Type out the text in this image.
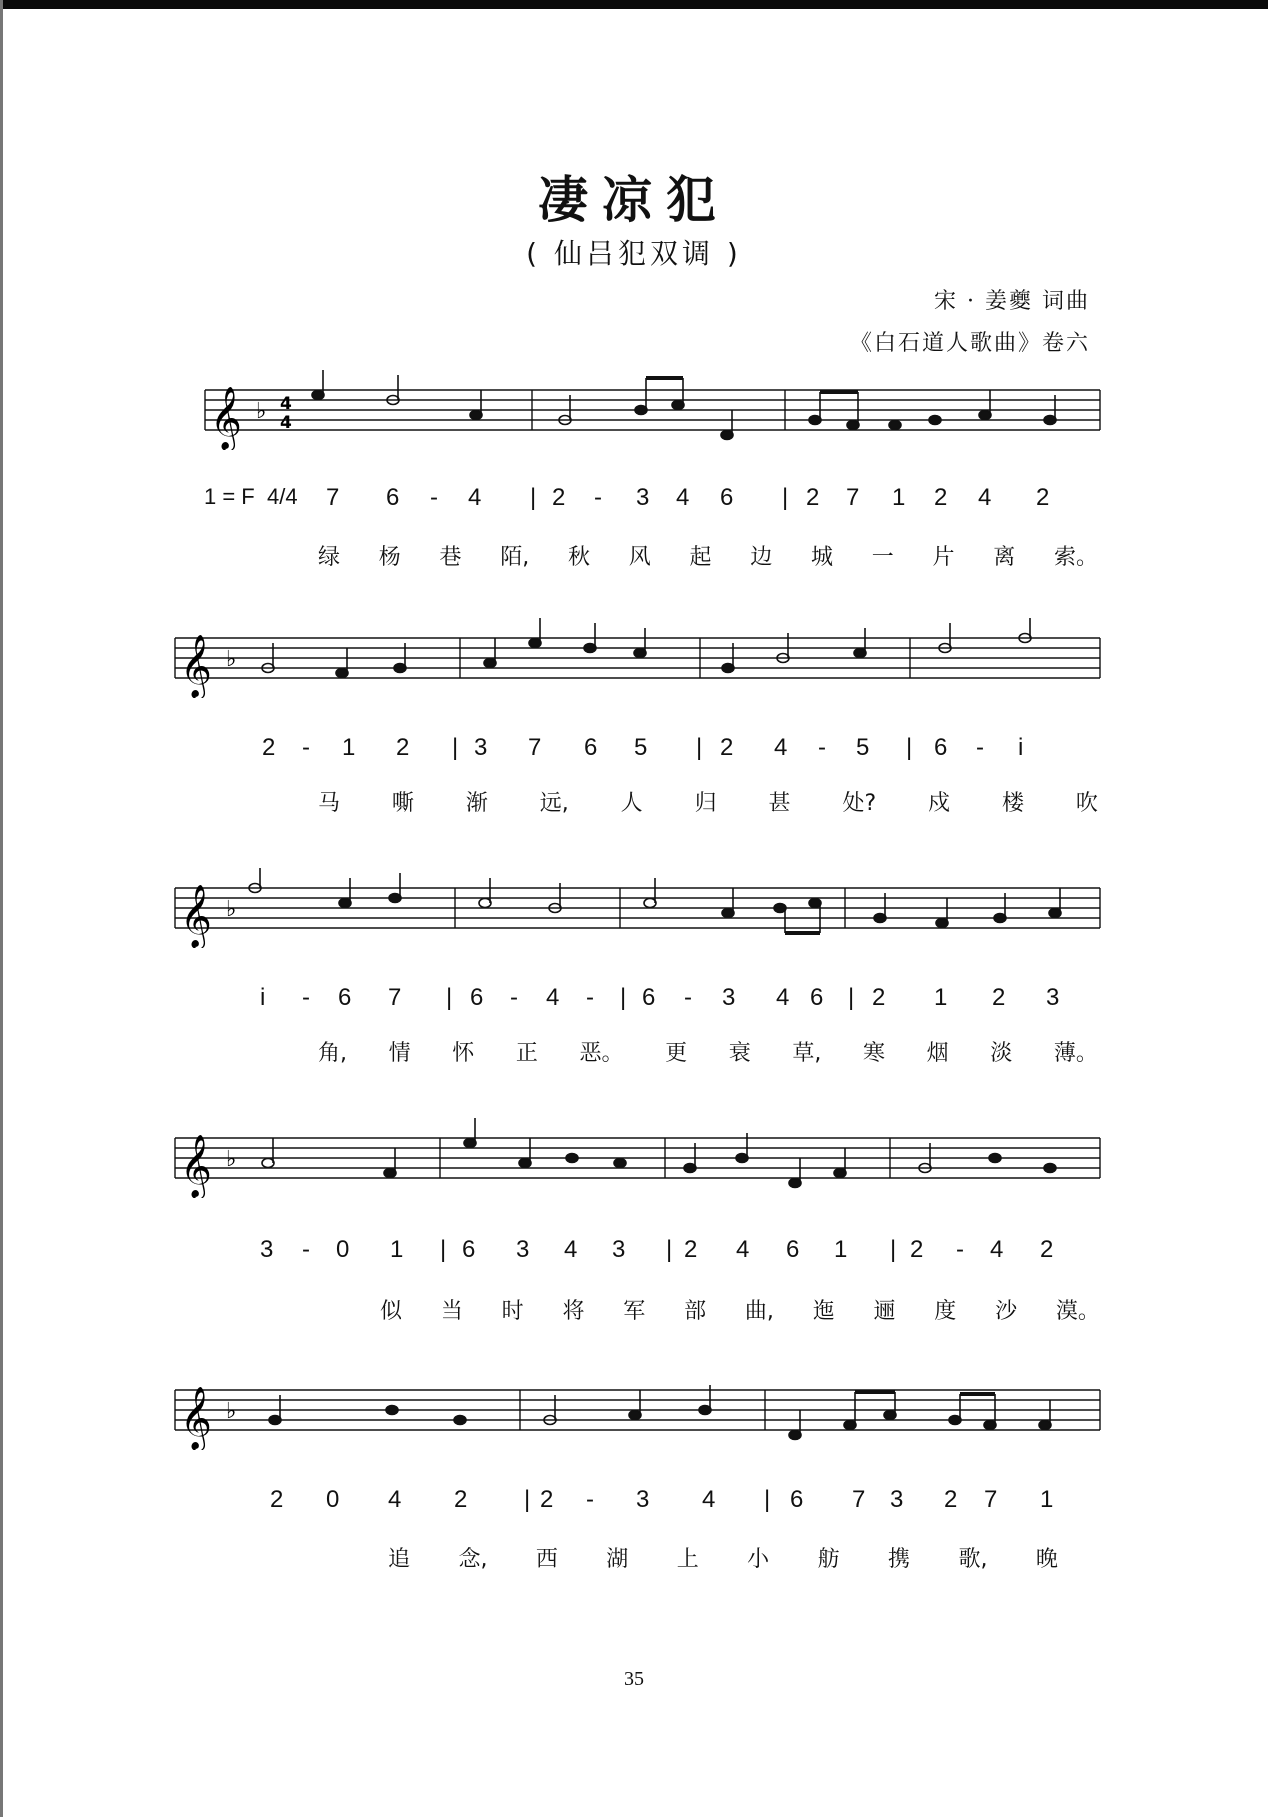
凄凉犯
( 仙吕犯双调 )
宋 · 姜夔 词曲
《白石道人歌曲》卷六
𝄞 ♭ 4
4
1 = F 4/4 7 6 - 4 | 2 - 3 4 6 | 2 7 1 2 4 2
绿 杨 巷 陌, 秋 风 起 边 城 一 片 离 索。
𝄞 ♭
2 - 1 2 | 3 7 6 5 | 2 4 - 5 | 6 - i
马 嘶 渐 远, 人 归 甚 处? 戍 楼 吹
𝄞 ♭
i - 6 7 | 6 - 4 - | 6 - 3 4 6 | 2 1 2 3
角, 情 怀 正 恶。 更 衰 草, 寒 烟 淡 薄。
𝄞 ♭
3 - 0 1 | 6 3 4 3 | 2 4 6 1 | 2 - 4 2
似 当 时 将 军 部 曲, 迤 逦 度 沙 漠。
𝄞 ♭
2 0 4 2 | 2 - 3 4 | 6 7 3 2 7 1
追 念, 西 湖 上 小 舫 携 歌, 晚
35
